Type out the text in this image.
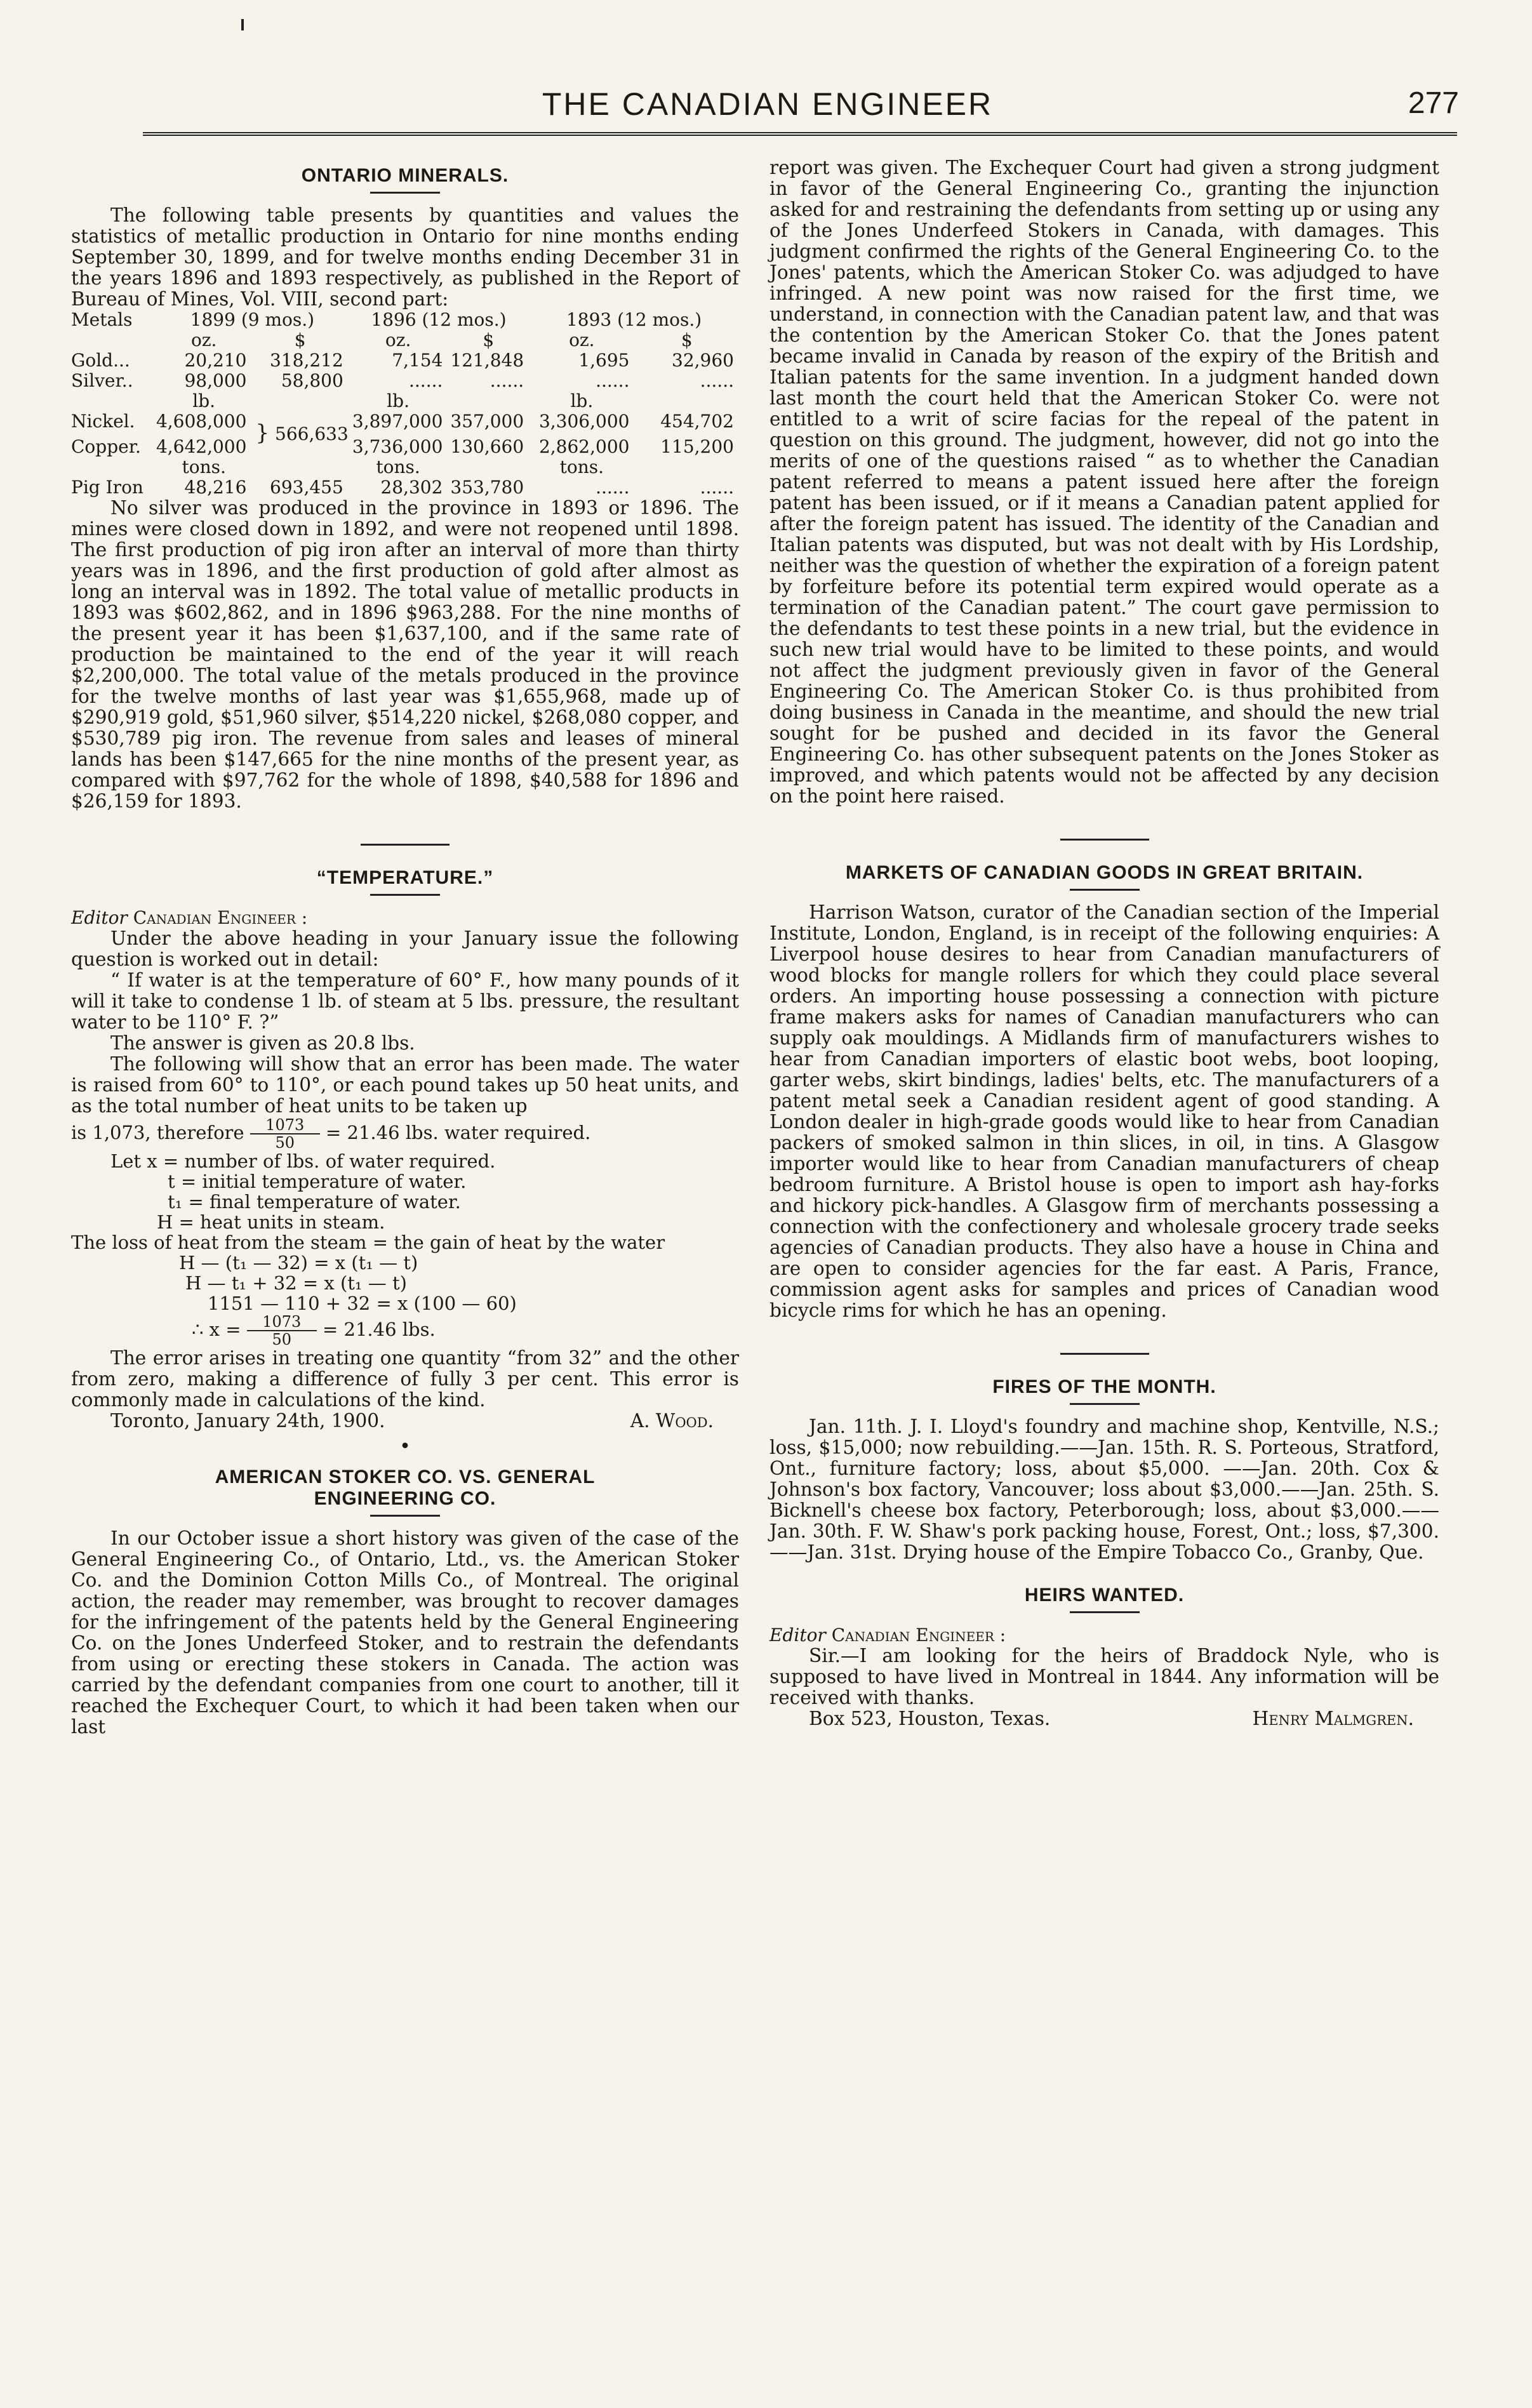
THE CANADIAN ENGINEER	277
ONTARIO MINERALS.

The following table presents by quantities and values the statistics of metallic production in Ontario for nine months ending September 30, 1899, and for twelve months ending December 31 in the years 1896 and 1893 respectively, as published in the Report of Bureau of Mines, Vol. VIII, second part:

Metals	1899 (9 mos.)		1896 (12 mos.)		1893 (12 mos.)	
	oz.	$	oz.	$	oz.	$
Gold...	20,210	318,212	7,154	121,848	1,695	32,960
Silver..	98,000	58,800	......	......	......	......
	lb.		lb.		lb.	
Nickel.	4,608,000	} 566,633	3,897,000	357,000	3,306,000	454,702

Copper.	4,642,000		3,736,000	130,660	2,862,000	115,200
	tons.		tons.		tons.	
Pig Iron	48,216	693,455	28,302	353,780	......	......

No silver was produced in the province in 1893 or 1896. The mines were closed down in 1892, and were not reopened until 1898. The first production of pig iron after an interval of more than thirty years was in 1896, and the first production of gold after almost as long an interval was in 1892. The total value of metallic products in 1893 was $602,862, and in 1896 $963,288. For the nine months of the present year it has been $1,637,100, and if the same rate of production be maintained to the end of the year it will reach $2,200,000. The total value of the metals produced in the province for the twelve months of last year was $1,655,968, made up of $290,919 gold, $51,960 silver, $514,220 nickel, $268,080 copper, and $530,789 pig iron. The revenue from sales and leases of mineral lands has been $147,665 for the nine months of the present year, as compared with $97,762 for the whole of 1898, $40,588 for 1896 and $26,159 for 1893.

“TEMPERATURE.”
Editor Canadian Engineer :

Under the above heading in your January issue the following question is worked out in detail:

“ If water is at the temperature of 60° F., how many pounds of it will it take to condense 1 lb. of steam at 5 lbs. pressure, the resultant water to be 110° F. ?”

The answer is given as 20.8 lbs.

The following will show that an error has been made. The water is raised from 60° to 110°, or each pound takes up 50 heat units, and as the total number of heat units to be taken up

is 1,073, therefore $\frac{1073}{50} = 21.46$ lbs. water required.
Let x = number of lbs. of water required.
t = initial temperature of water.
t₁ = final temperature of water.
H = heat units in steam.
The loss of heat from the steam = the gain of heat by the water
H — (t₁ — 32) = x (t₁ — t)
H — t₁ + 32 = x (t₁ — t)
1151 — 110 + 32 = x (100 — 60)
∴ $x = \frac{1073}{50} = 21.46$ lbs.

The error arises in treating one quantity “from 32” and the other from zero, making a difference of fully 3 per cent. This error is commonly made in calculations of the kind.

Toronto, January 24th, 1900.	A. Wood.
•
AMERICAN STOKER CO. VS. GENERAL
ENGINEERING CO.

In our October issue a short history was given of the case of the General Engineering Co., of Ontario, Ltd., vs. the American Stoker Co. and the Dominion Cotton Mills Co., of Montreal. The original action, the reader may remember, was brought to recover damages for the infringement of the patents held by the General Engineering Co. on the Jones Underfeed Stoker, and to restrain the defendants from using or erecting these stokers in Canada. The action was carried by the defendant companies from one court to another, till it reached the Exchequer Court, to which it had been taken when our last

report was given. The Exchequer Court had given a strong judgment in favor of the General Engineering Co., granting the injunction asked for and restraining the defendants from setting up or using any of the Jones Underfeed Stokers in Canada, with damages. This judgment confirmed the rights of the General Engineering Co. to the Jones' patents, which the American Stoker Co. was adjudged to have infringed. A new point was now raised for the first time, we understand, in connection with the Canadian patent law, and that was the contention by the American Stoker Co. that the Jones patent became invalid in Canada by reason of the expiry of the British and Italian patents for the same invention. In a judgment handed down last month the court held that the American Stoker Co. were not entitled to a writ of scire facias for the repeal of the patent in question on this ground. The judgment, however, did not go into the merits of one of the questions raised “ as to whether the Canadian patent referred to means a patent issued here after the foreign patent has been issued, or if it means a Canadian patent applied for after the foreign patent has issued. The identity of the Canadian and Italian patents was disputed, but was not dealt with by His Lordship, neither was the question of whether the expiration of a foreign patent by forfeiture before its potential term expired would operate as a termination of the Canadian patent.” The court gave permission to the defendants to test these points in a new trial, but the evidence in such new trial would have to be limited to these points, and would not affect the judgment previously given in favor of the General Engineering Co. The American Stoker Co. is thus prohibited from doing business in Canada in the meantime, and should the new trial sought for be pushed and decided in its favor the General Engineering Co. has other subsequent patents on the Jones Stoker as improved, and which patents would not be affected by any decision on the point here raised.

MARKETS OF CANADIAN GOODS IN GREAT BRITAIN.

Harrison Watson, curator of the Canadian section of the Imperial Institute, London, England, is in receipt of the following enquiries: A Liverpool house desires to hear from Canadian manufacturers of wood blocks for mangle rollers for which they could place several orders. An importing house possessing a connection with picture frame makers asks for names of Canadian manufacturers who can supply oak mouldings. A Midlands firm of manufacturers wishes to hear from Canadian importers of elastic boot webs, boot looping, garter webs, skirt bindings, ladies' belts, etc. The manufacturers of a patent metal seek a Canadian resident agent of good standing. A London dealer in high-grade goods would like to hear from Canadian packers of smoked salmon in thin slices, in oil, in tins. A Glasgow importer would like to hear from Canadian manufacturers of cheap bedroom furniture. A Bristol house is open to import ash hay-forks and hickory pick-handles. A Glasgow firm of merchants possessing a connection with the confectionery and wholesale grocery trade seeks agencies of Canadian products. They also have a house in China and are open to consider agencies for the far east. A Paris, France, commission agent asks for samples and prices of Canadian wood bicycle rims for which he has an opening.

FIRES OF THE MONTH.

Jan. 11th. J. I. Lloyd's foundry and machine shop, Kentville, N.S.; loss, $15,000; now rebuilding.——Jan. 15th. R. S. Porteous, Stratford, Ont., furniture factory; loss, about $5,000. ——Jan. 20th. Cox & Johnson's box factory, Vancouver; loss about $3,000.——Jan. 25th. S. Bicknell's cheese box factory, Peterborough; loss, about $3,000.——Jan. 30th. F. W. Shaw's pork packing house, Forest, Ont.; loss, $7,300.——Jan. 31st. Drying house of the Empire Tobacco Co., Granby, Que.

HEIRS WANTED.
Editor Canadian Engineer :

Sir.—I am looking for the heirs of Braddock Nyle, who is supposed to have lived in Montreal in 1844. Any information will be received with thanks.

Box 523, Houston, Texas.	Henry Malmgren.
